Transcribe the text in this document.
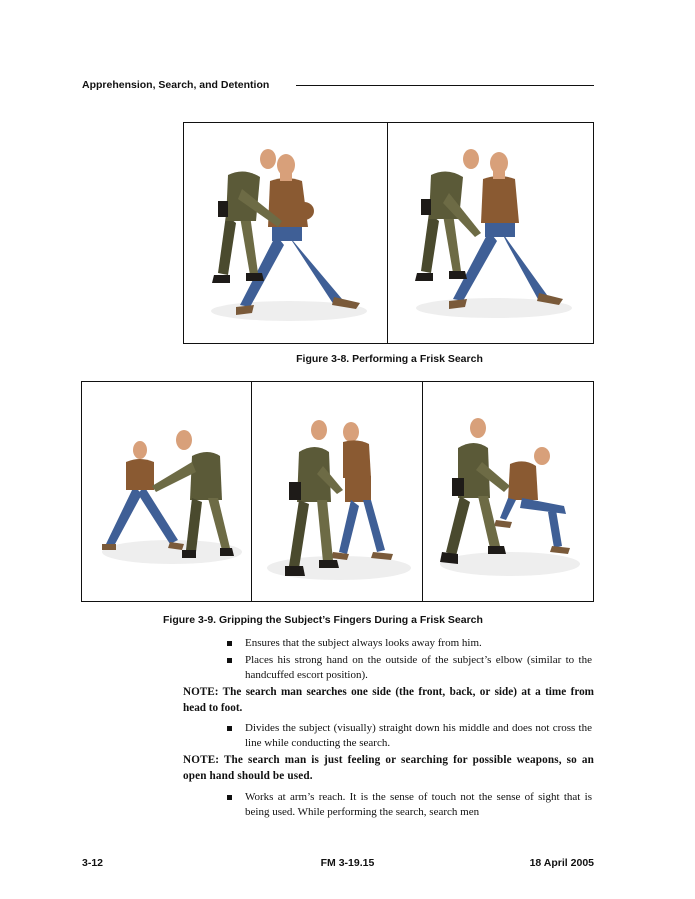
Apprehension, Search, and Detention
Figure 3-8. Performing a Frisk Search
Figure 3-9. Gripping the Subject’s Fingers During a Frisk Search
Ensures that the subject always looks away from him.
Places his strong hand on the outside of the subject’s elbow (similar to the handcuffed escort position).
NOTE: The search man searches one side (the front, back, or side) at a time from head to foot.
Divides the subject (visually) straight down his middle and does not cross the line while conducting the search.
NOTE: The search man is just feeling or searching for possible weapons, so an open hand should be used.
Works at arm’s reach. It is the sense of touch not the sense of sight that is being used. While performing the search, search men
3-12	FM 3-19.15	18 April 2005
